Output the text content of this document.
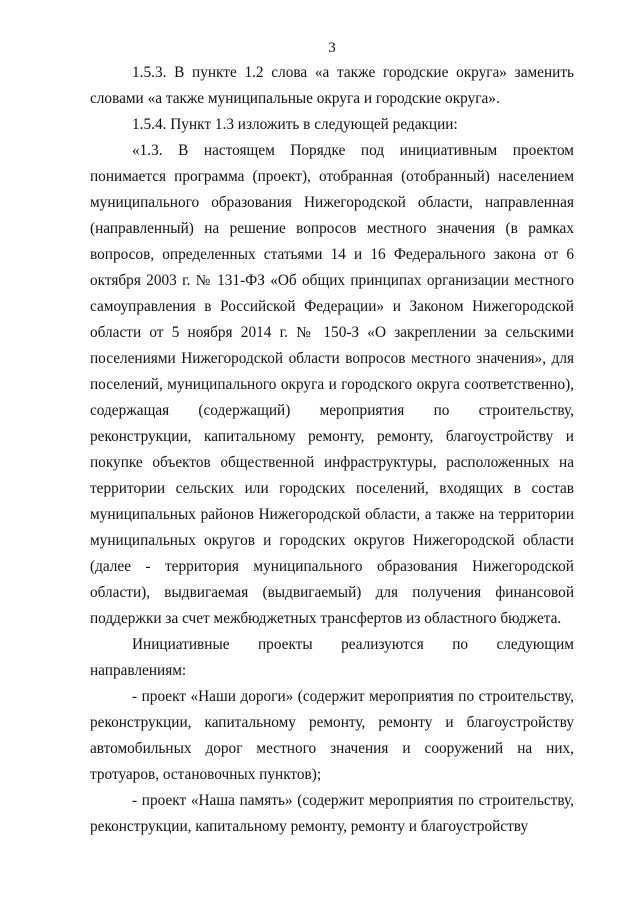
3

1.5.3. В пункте 1.2 слова «а также городские округа» заменить словами «а также муниципальные округа и городские округа».

1.5.4. Пункт 1.3 изложить в следующей редакции:

«1.3. В настоящем Порядке под инициативным проектом понимается программа (проект), отобранная (отобранный) населением муниципального образования Нижегородской области, направленная (направленный) на решение вопросов местного значения (в рамках вопросов, определенных статьями 14 и 16 Федерального закона от 6 октября 2003 г. № 131-ФЗ «Об общих принципах организации местного самоуправления в Российской Федерации» и Законом Нижегородской области от 5 ноября 2014 г. № 150-З «О закреплении за сельскими поселениями Нижегородской области вопросов местного значения», для поселений, муниципального округа и городского округа соответственно), содержащая (содержащий) мероприятия по строительству, реконструкции, капитальному ремонту, ремонту, благоустройству и покупке объектов общественной инфраструктуры, расположенных на территории сельских или городских поселений, входящих в состав муниципальных районов Нижегородской области, а также на территории муниципальных округов и городских округов Нижегородской области (далее - территория муниципального образования Нижегородской области), выдвигаемая (выдвигаемый) для получения финансовой поддержки за счет межбюджетных трансфертов из областного бюджета.

Инициативные проекты реализуются по следующим направлениям:

- проект «Наши дороги» (содержит мероприятия по строительству, реконструкции, капитальному ремонту, ремонту и благоустройству автомобильных дорог местного значения и сооружений на них, тротуаров, остановочных пунктов);

- проект «Наша память» (содержит мероприятия по строительству, реконструкции, капитальному ремонту, ремонту и благоустройству
